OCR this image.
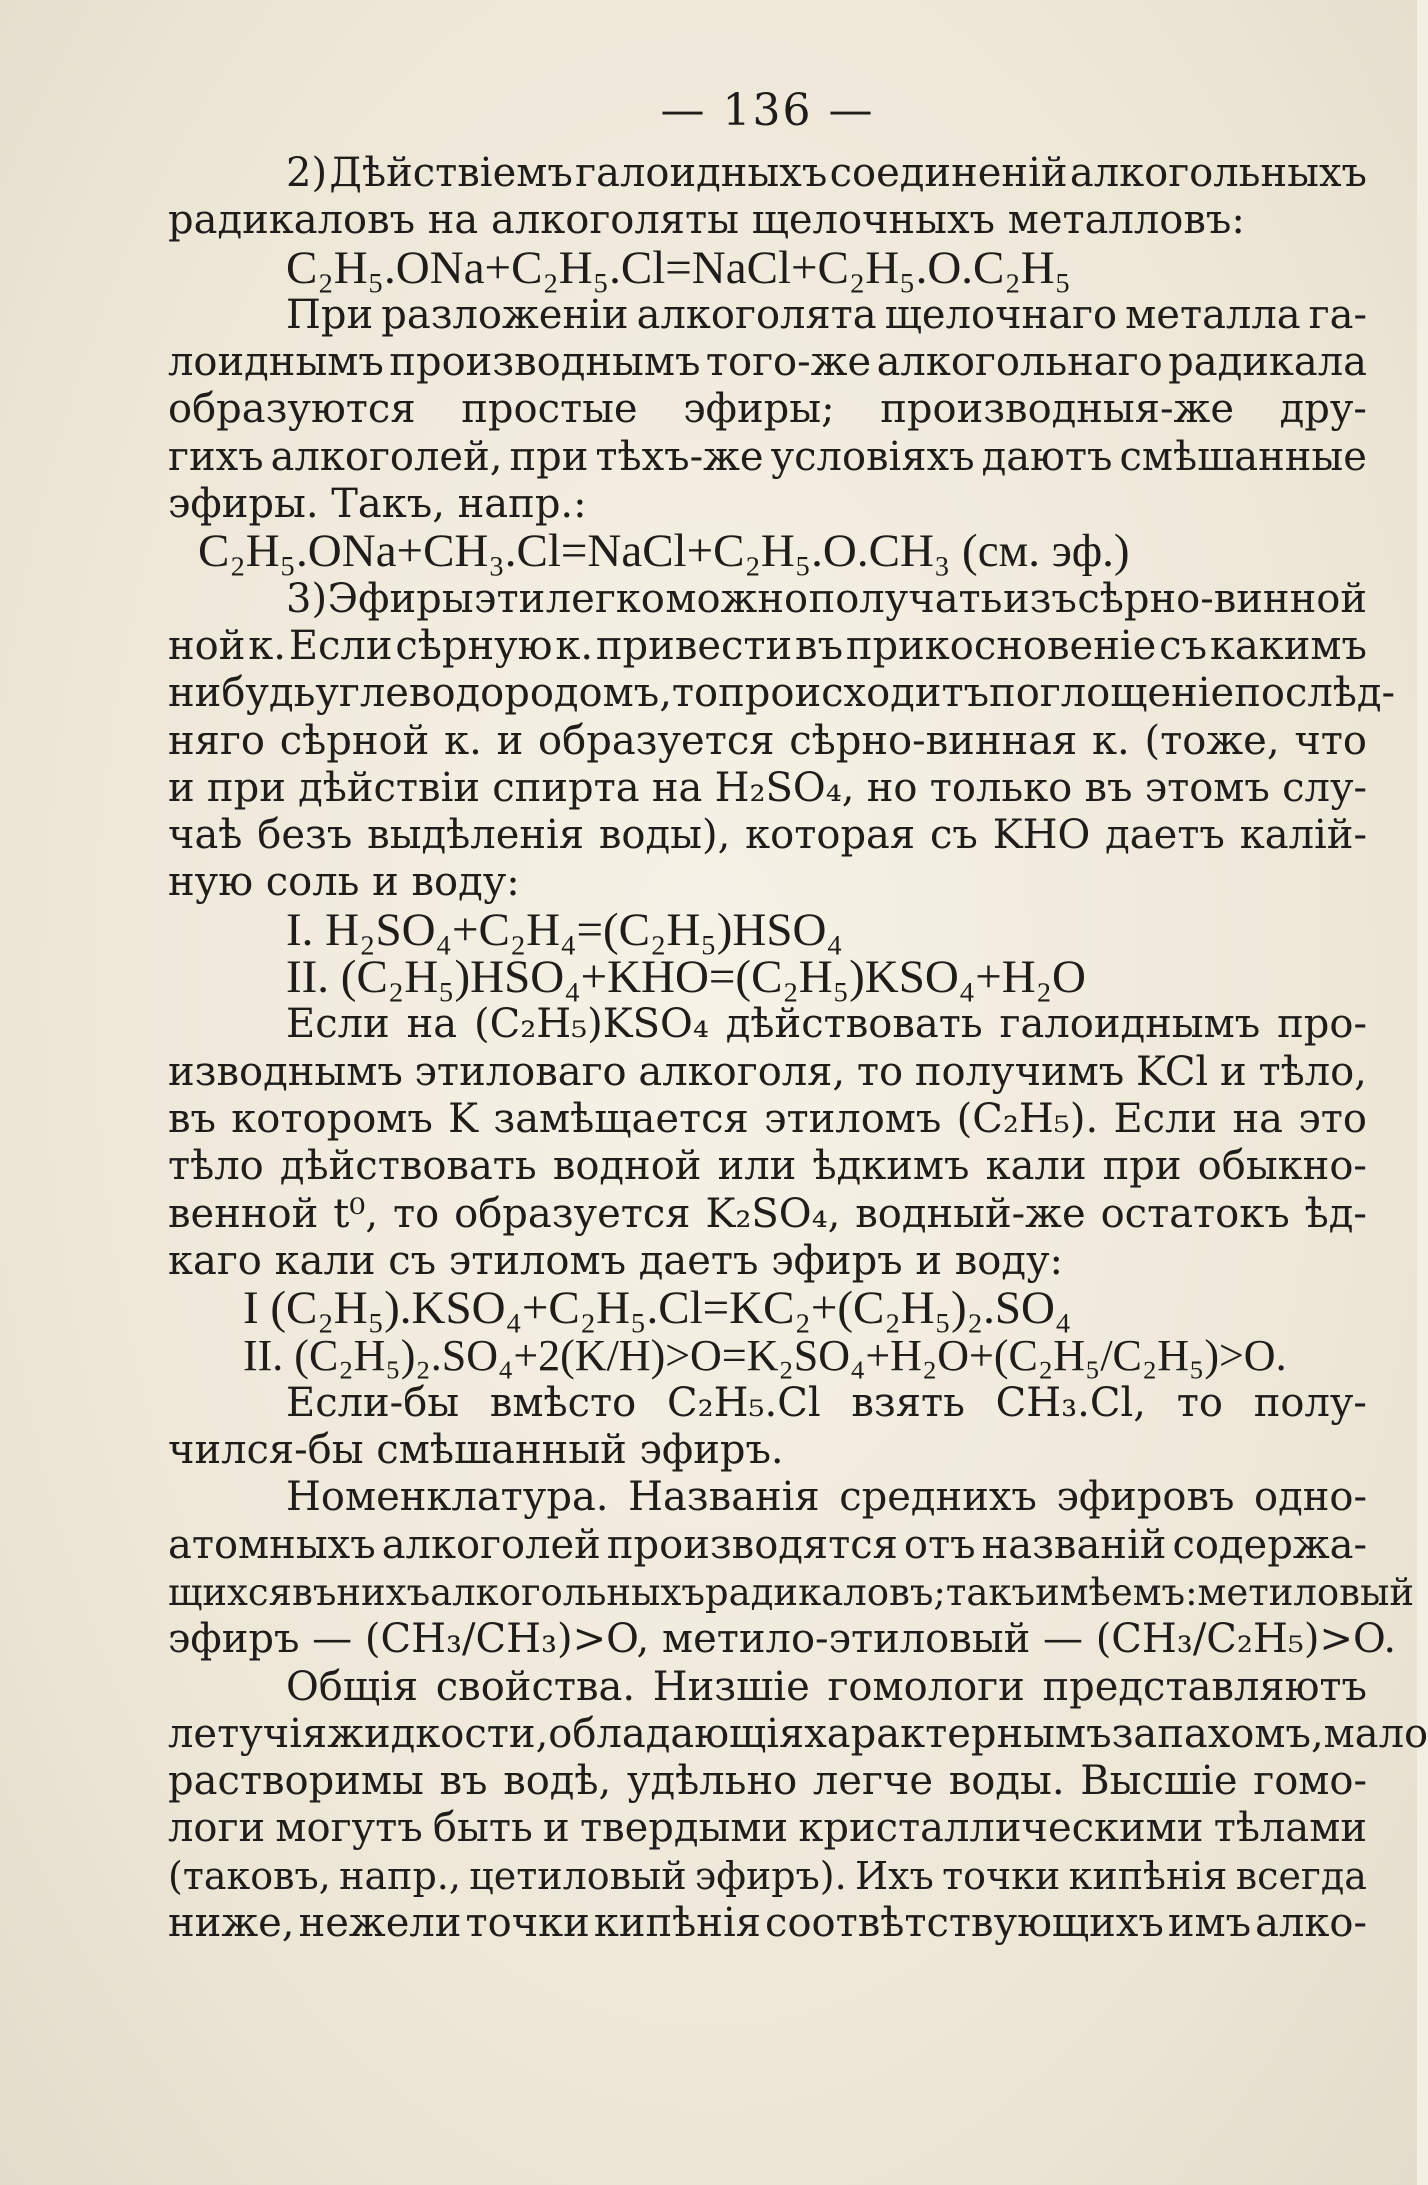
— 136 —
2) Дѣйствіемъ галоидныхъ соединеній алкогольныхъ
радикаловъ на алкоголяты щелочныхъ металловъ:
C₂H₅.ONa+C₂H₅.Cl=NaCl+C₂H₅.O.C₂H₅
При разложеніи алкоголята щелочнаго металла га-
лоиднымъ производнымъ того-же алкогольнаго радикала
образуются простые эфиры; производныя-же дру-
гихъ алкоголей, при тѣхъ-же условіяхъ даютъ смѣшанные
эфиры. Такъ, напр.:
C₂H₅.ONa+CH₃.Cl=NaCl+C₂H₅.O.CH₃ (см. эф.)
3) Эфиры эти легко можно получать изъ сѣрно-винной
ной к. Если сѣрную к. привести въ прикосновеніе съ какимъ
нибудь углеводородомъ, то происходитъ поглощеніе послѣд-
няго сѣрной к. и образуется сѣрно-винная к. (тоже, что
и при дѣйствіи спирта на H₂SO₄, но только въ этомъ слу-
чаѣ безъ выдѣленія воды), которая съ KHO даетъ калій-
ную соль и воду:
I. H₂SO₄+C₂H₄=(C₂H₅)HSO₄
II. (C₂H₅)HSO₄+KHO=(C₂H₅)KSO₄+H₂O
Если на (C₂H₅)KSO₄ дѣйствовать галоиднымъ про-
изводнымъ этиловаго алкоголя, то получимъ KCl и тѣло,
въ которомъ K замѣщается этиломъ (C₂H₅). Если на это
тѣло дѣйствовать водной или ѣдкимъ кали при обыкно-
венной t⁰, то образуется K₂SO₄, водный-же остатокъ ѣд-
каго кали съ этиломъ даетъ эфиръ и воду:
I (C₂H₅).KSO₄+C₂H₅.Cl=KC₂+(C₂H₅)₂.SO₄
II. (C₂H₅)₂.SO₄+2(K/H)>O=K₂SO₄+H₂O+(C₂H₅/C₂H₅)>O.
Если-бы вмѣсто C₂H₅.Cl взять CH₃.Cl, то полу-
чился-бы смѣшанный эфиръ.
Номенклатура. Названія среднихъ эфировъ одно-
атомныхъ алкоголей производятся отъ названій содержа-
щихся въ нихъ алкогольныхъ радикаловъ; такъ имѣемъ: метиловый
эфиръ — (CH₃/CH₃)>O, метило-этиловый — (CH₃/C₂H₅)>O.
Общія свойства. Низшіе гомологи представляютъ
летучія жидкости, обладающія характернымъ запахомъ, мало
растворимы въ водѣ, удѣльно легче воды. Высшіе гомо-
логи могутъ быть и твердыми кристаллическими тѣлами
(таковъ, напр., цетиловый эфиръ). Ихъ точки кипѣнія всегда
ниже, нежели точки кипѣнія соотвѣтствующихъ имъ алко-
